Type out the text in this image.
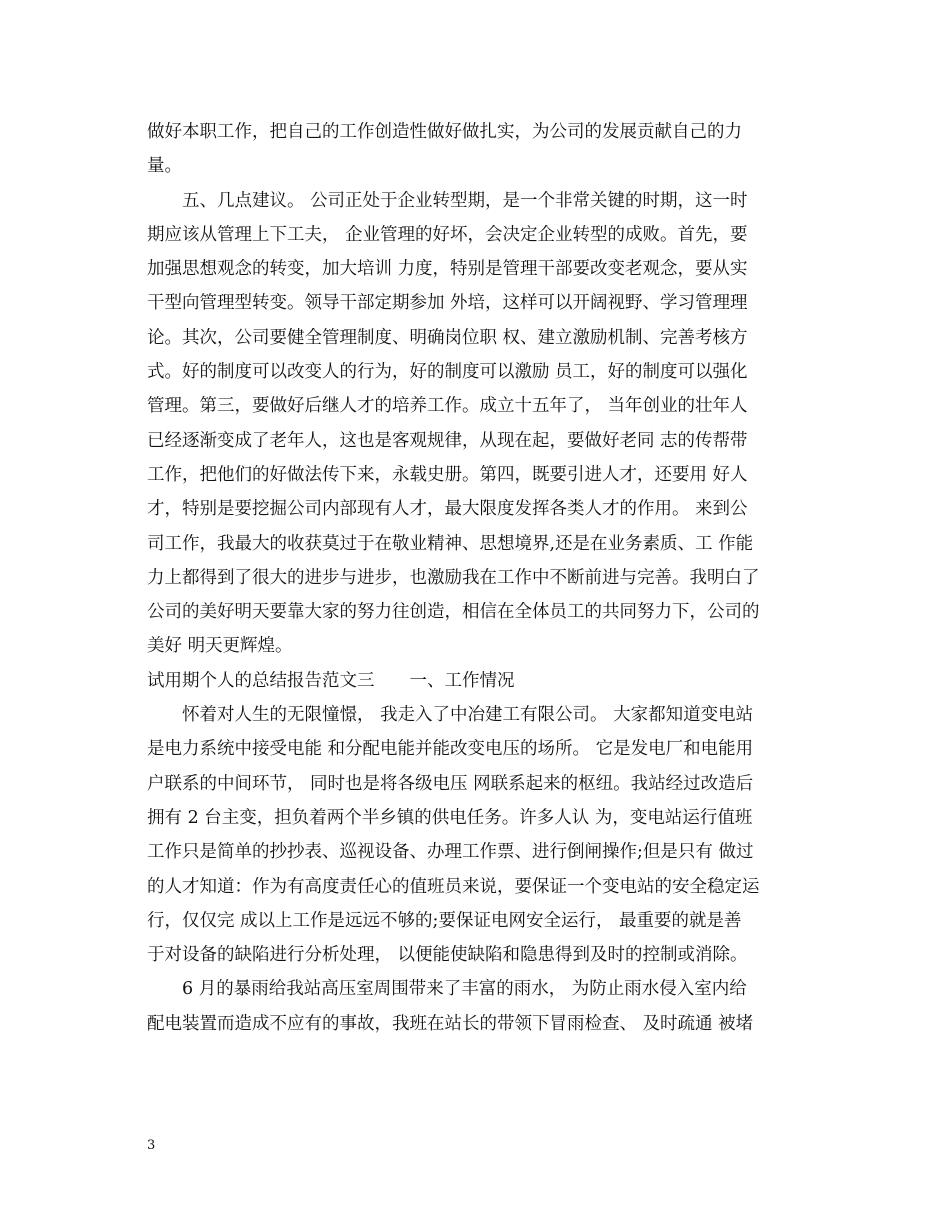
做好本职工作，把自己的工作创造性做好做扎实，为公司的发展贡献自己的力
量。
　　五、几点建议。 公司正处于企业转型期，是一个非常关键的时期，这一时
期应该从管理上下工夫， 企业管理的好坏，会决定企业转型的成败。首先，要
加强思想观念的转变，加大培训 力度，特别是管理干部要改变老观念，要从实
干型向管理型转变。领导干部定期参加 外培，这样可以开阔视野、学习管理理
论。其次，公司要健全管理制度、明确岗位职 权、建立激励机制、完善考核方
式。好的制度可以改变人的行为，好的制度可以激励 员工，好的制度可以强化
管理。第三，要做好后继人才的培养工作。成立十五年了， 当年创业的壮年人
已经逐渐变成了老年人，这也是客观规律，从现在起，要做好老同 志的传帮带
工作，把他们的好做法传下来，永载史册。第四，既要引进人才，还要用 好人
才，特别是要挖掘公司内部现有人才，最大限度发挥各类人才的作用。 来到公
司工作，我最大的收获莫过于在敬业精神、思想境界,还是在业务素质、工 作能
力上都得到了很大的进步与进步，也激励我在工作中不断前进与完善。我明白了
公司的美好明天要靠大家的努力往创造，相信在全体员工的共同努力下，公司的
美好 明天更辉煌。
试用期个人的总结报告范文三　　一、工作情况
　　怀着对人生的无限憧憬， 我走入了中冶建工有限公司。 大家都知道变电站
是电力系统中接受电能 和分配电能并能改变电压的场所。 它是发电厂和电能用
户联系的中间环节， 同时也是将各级电压 网联系起来的枢纽。我站经过改造后
拥有 2 台主变，担负着两个半乡镇的供电任务。许多人认 为，变电站运行值班
工作只是简单的抄抄表、巡视设备、办理工作票、进行倒闸操作;但是只有 做过
的人才知道：作为有高度责任心的值班员来说，要保证一个变电站的安全稳定运
行，仅仅完 成以上工作是远远不够的;要保证电网安全运行， 最重要的就是善
于对设备的缺陷进行分析处理， 以便能使缺陷和隐患得到及时的控制或消除。
　　6 月的暴雨给我站高压室周围带来了丰富的雨水， 为防止雨水侵入室内给
配电装置而造成不应有的事故，我班在站长的带领下冒雨检查、 及时疏通 被堵
3
